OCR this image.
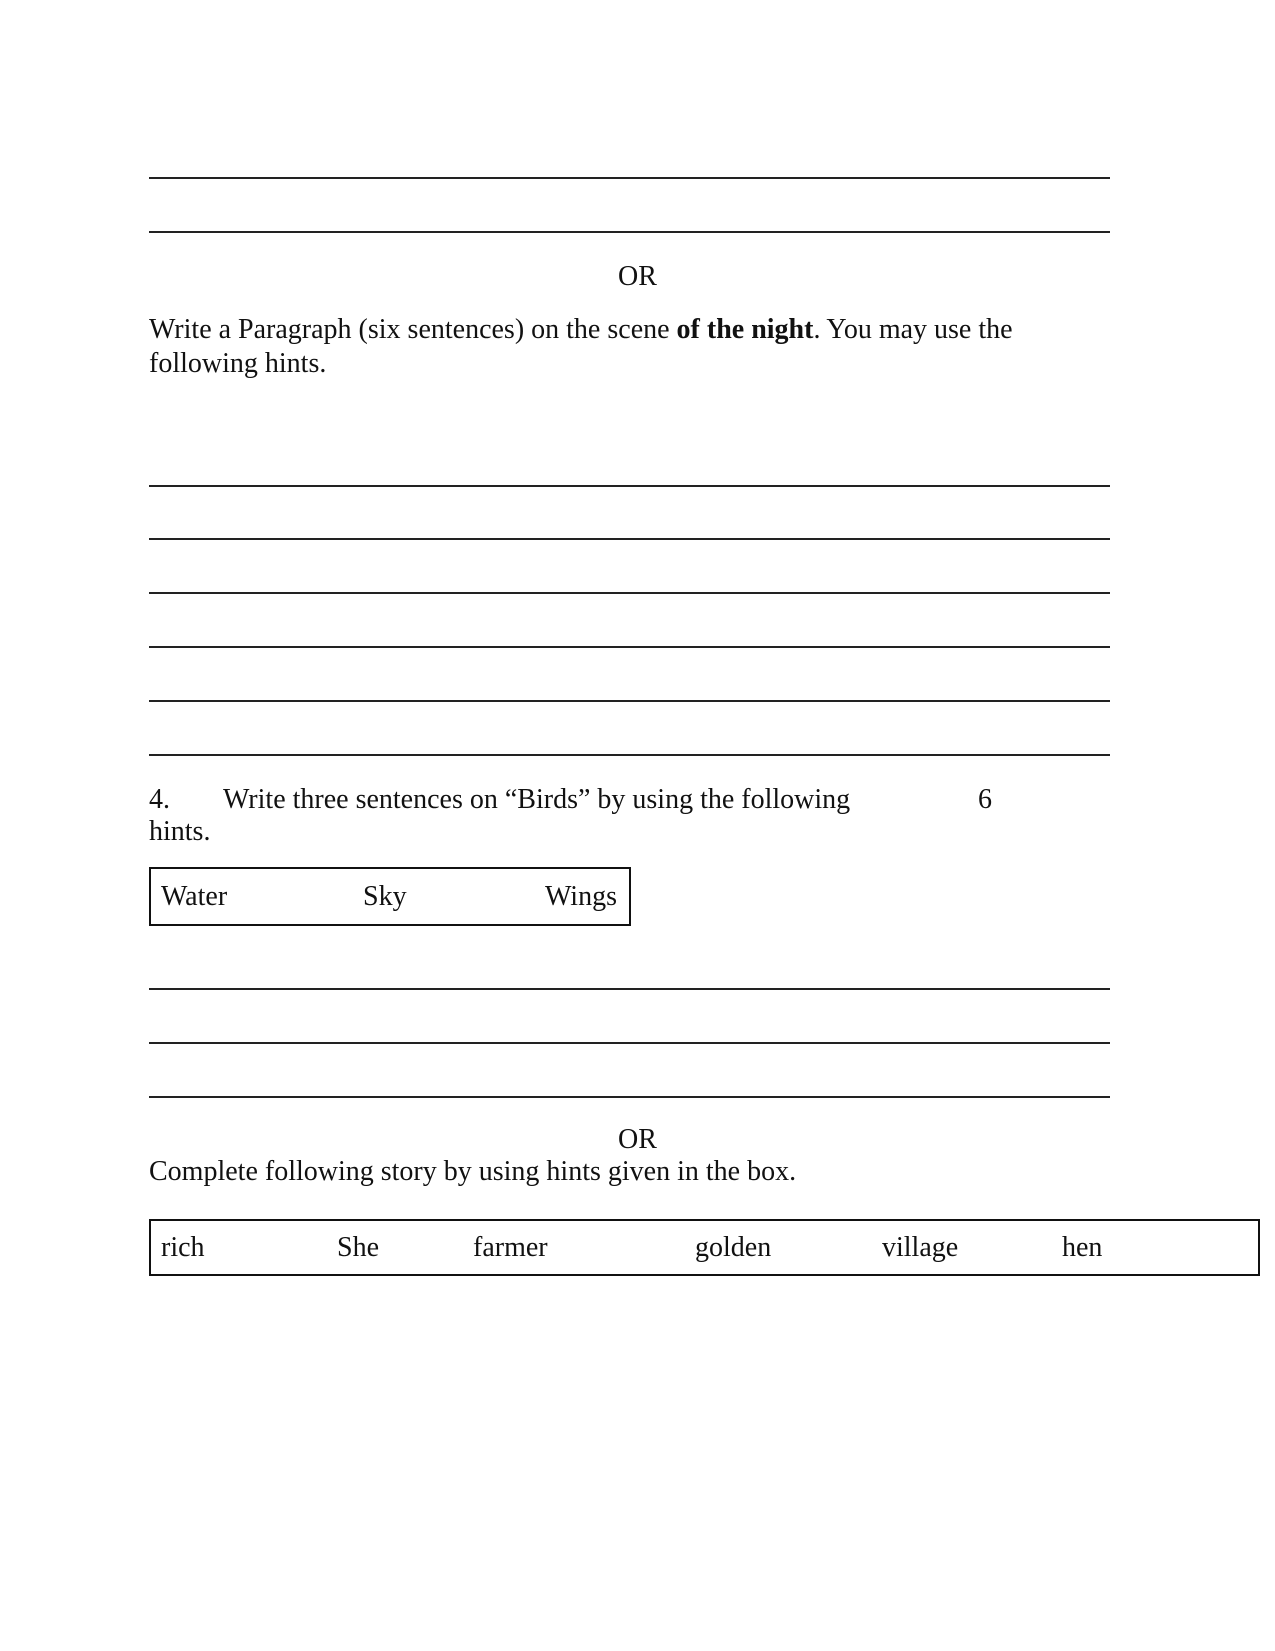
OR
Write a Paragraph (six sentences) on the scene of the night. You may use the
following hints.
4. Write three sentences on “Birds” by using the following	6
hints.
Water	Sky	Wings
OR
Complete following story by using hints given in the box.
rich	She	farmer	golden	village	hen
